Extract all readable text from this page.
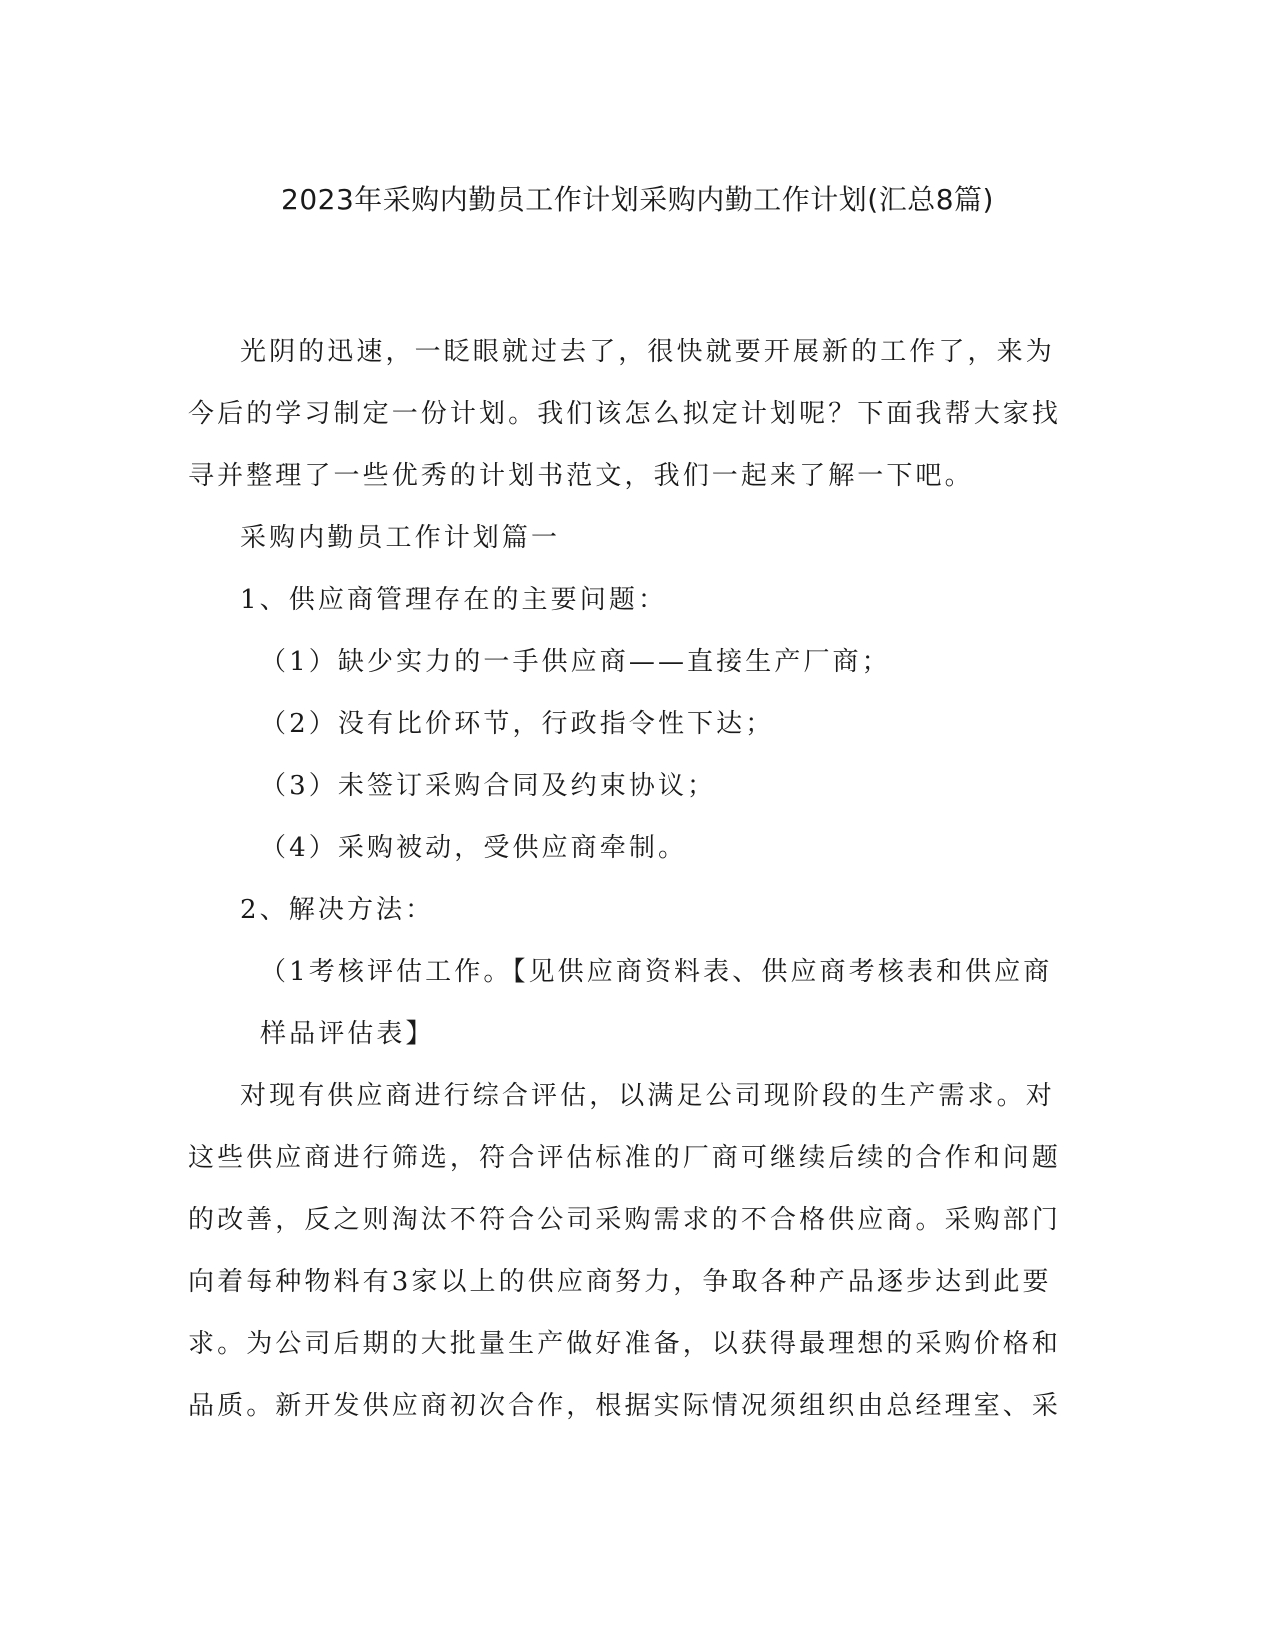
2023年采购内勤员工作计划采购内勤工作计划(汇总8篇)

光阴的迅速，一眨眼就过去了，很快就要开展新的工作了，来为今后的学习制定一份计划。我们该怎么拟定计划呢？下面我帮大家找寻并整理了一些优秀的计划书范文，我们一起来了解一下吧。

采购内勤员工作计划篇一

1、供应商管理存在的主要问题：

（1）缺少实力的一手供应商——直接生产厂商；

（2）没有比价环节，行政指令性下达；

（3）未签订采购合同及约束协议；

（4）采购被动，受供应商牵制。

2、解决方法：

（1考核评估工作。【见供应商资料表、供应商考核表和供应商样品评估表】

对现有供应商进行综合评估，以满足公司现阶段的生产需求。对这些供应商进行筛选，符合评估标准的厂商可继续后续的合作和问题的改善，反之则淘汰不符合公司采购需求的不合格供应商。采购部门向着每种物料有3家以上的供应商努力，争取各种产品逐步达到此要求。为公司后期的大批量生产做好准备，以获得最理想的采购价格和品质。新开发供应商初次合作，根据实际情况须组织由总经理室、采
